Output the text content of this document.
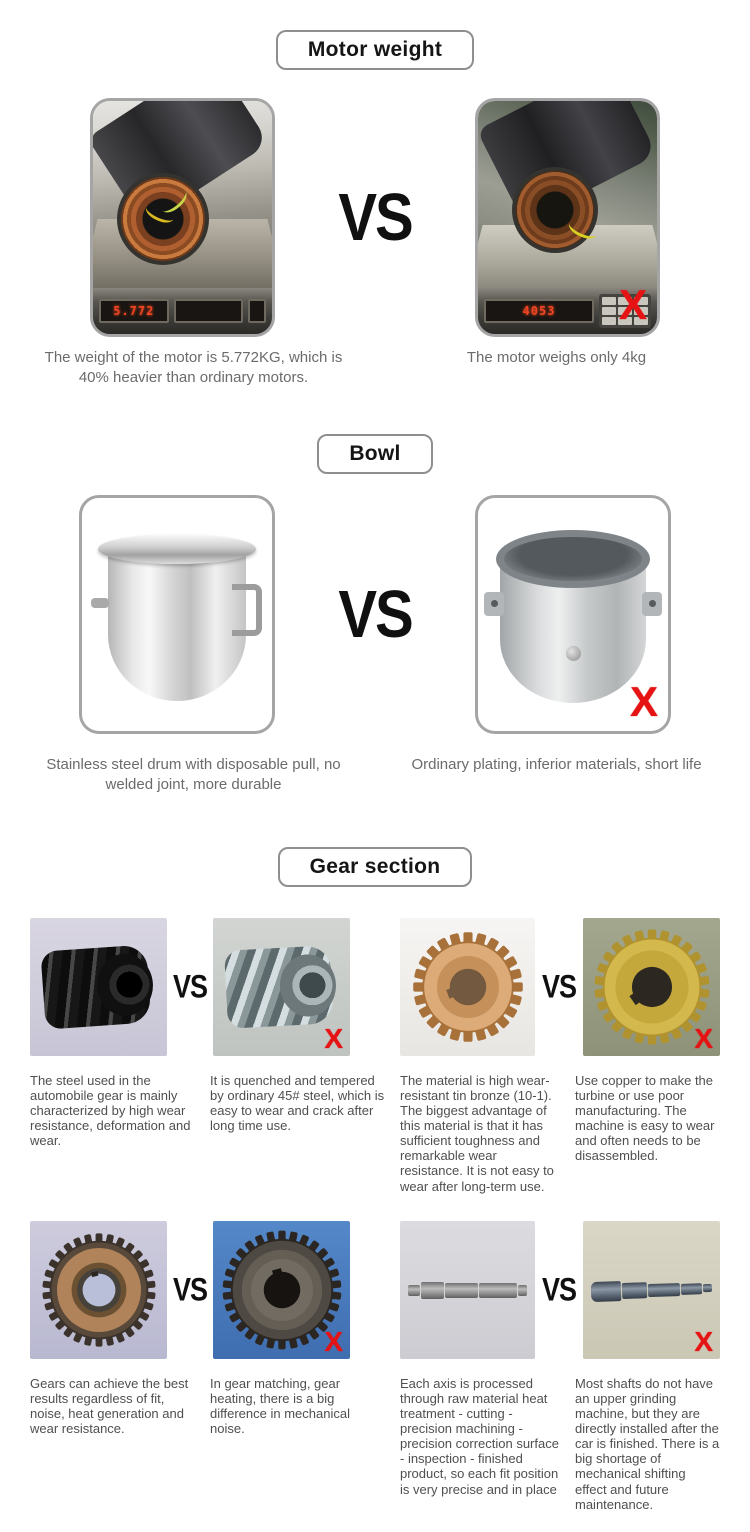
Motor weight
5.772
VS
4053	X
The weight of the motor is 5.772KG, which is 40% heavier than ordinary motors.
The motor weighs only 4kg
Bowl
VS
X
Stainless steel drum with disposable pull, no welded joint, more durable
Ordinary plating, inferior materials, short life
Gear section
VS
X
VS
X
The steel used in the automobile gear is mainly characterized by high wear resistance, deformation and wear.
It is quenched and tempered by ordinary 45# steel, which is easy to wear and crack after long time use.
The material is high wear-resistant tin bronze (10-1). The biggest advantage of this material is that it has sufficient toughness and remarkable wear resistance. It is not easy to wear after long-term use.
Use copper to make the turbine or use poor manufacturing. The machine is easy to wear and often needs to be disassembled.
VS
X
VS
X
Gears can achieve the best results regardless of fit, noise, heat generation and wear resistance.
In gear matching, gear heating, there is a big difference in mechanical noise.
Each axis is processed through raw material heat treatment - cutting - precision machining - precision correction surface - inspection - finished product, so each fit position is very precise and in place
Most shafts do not have an upper grinding machine, but they are directly installed after the car is finished. There is a big shortage of mechanical shifting effect and future maintenance.
